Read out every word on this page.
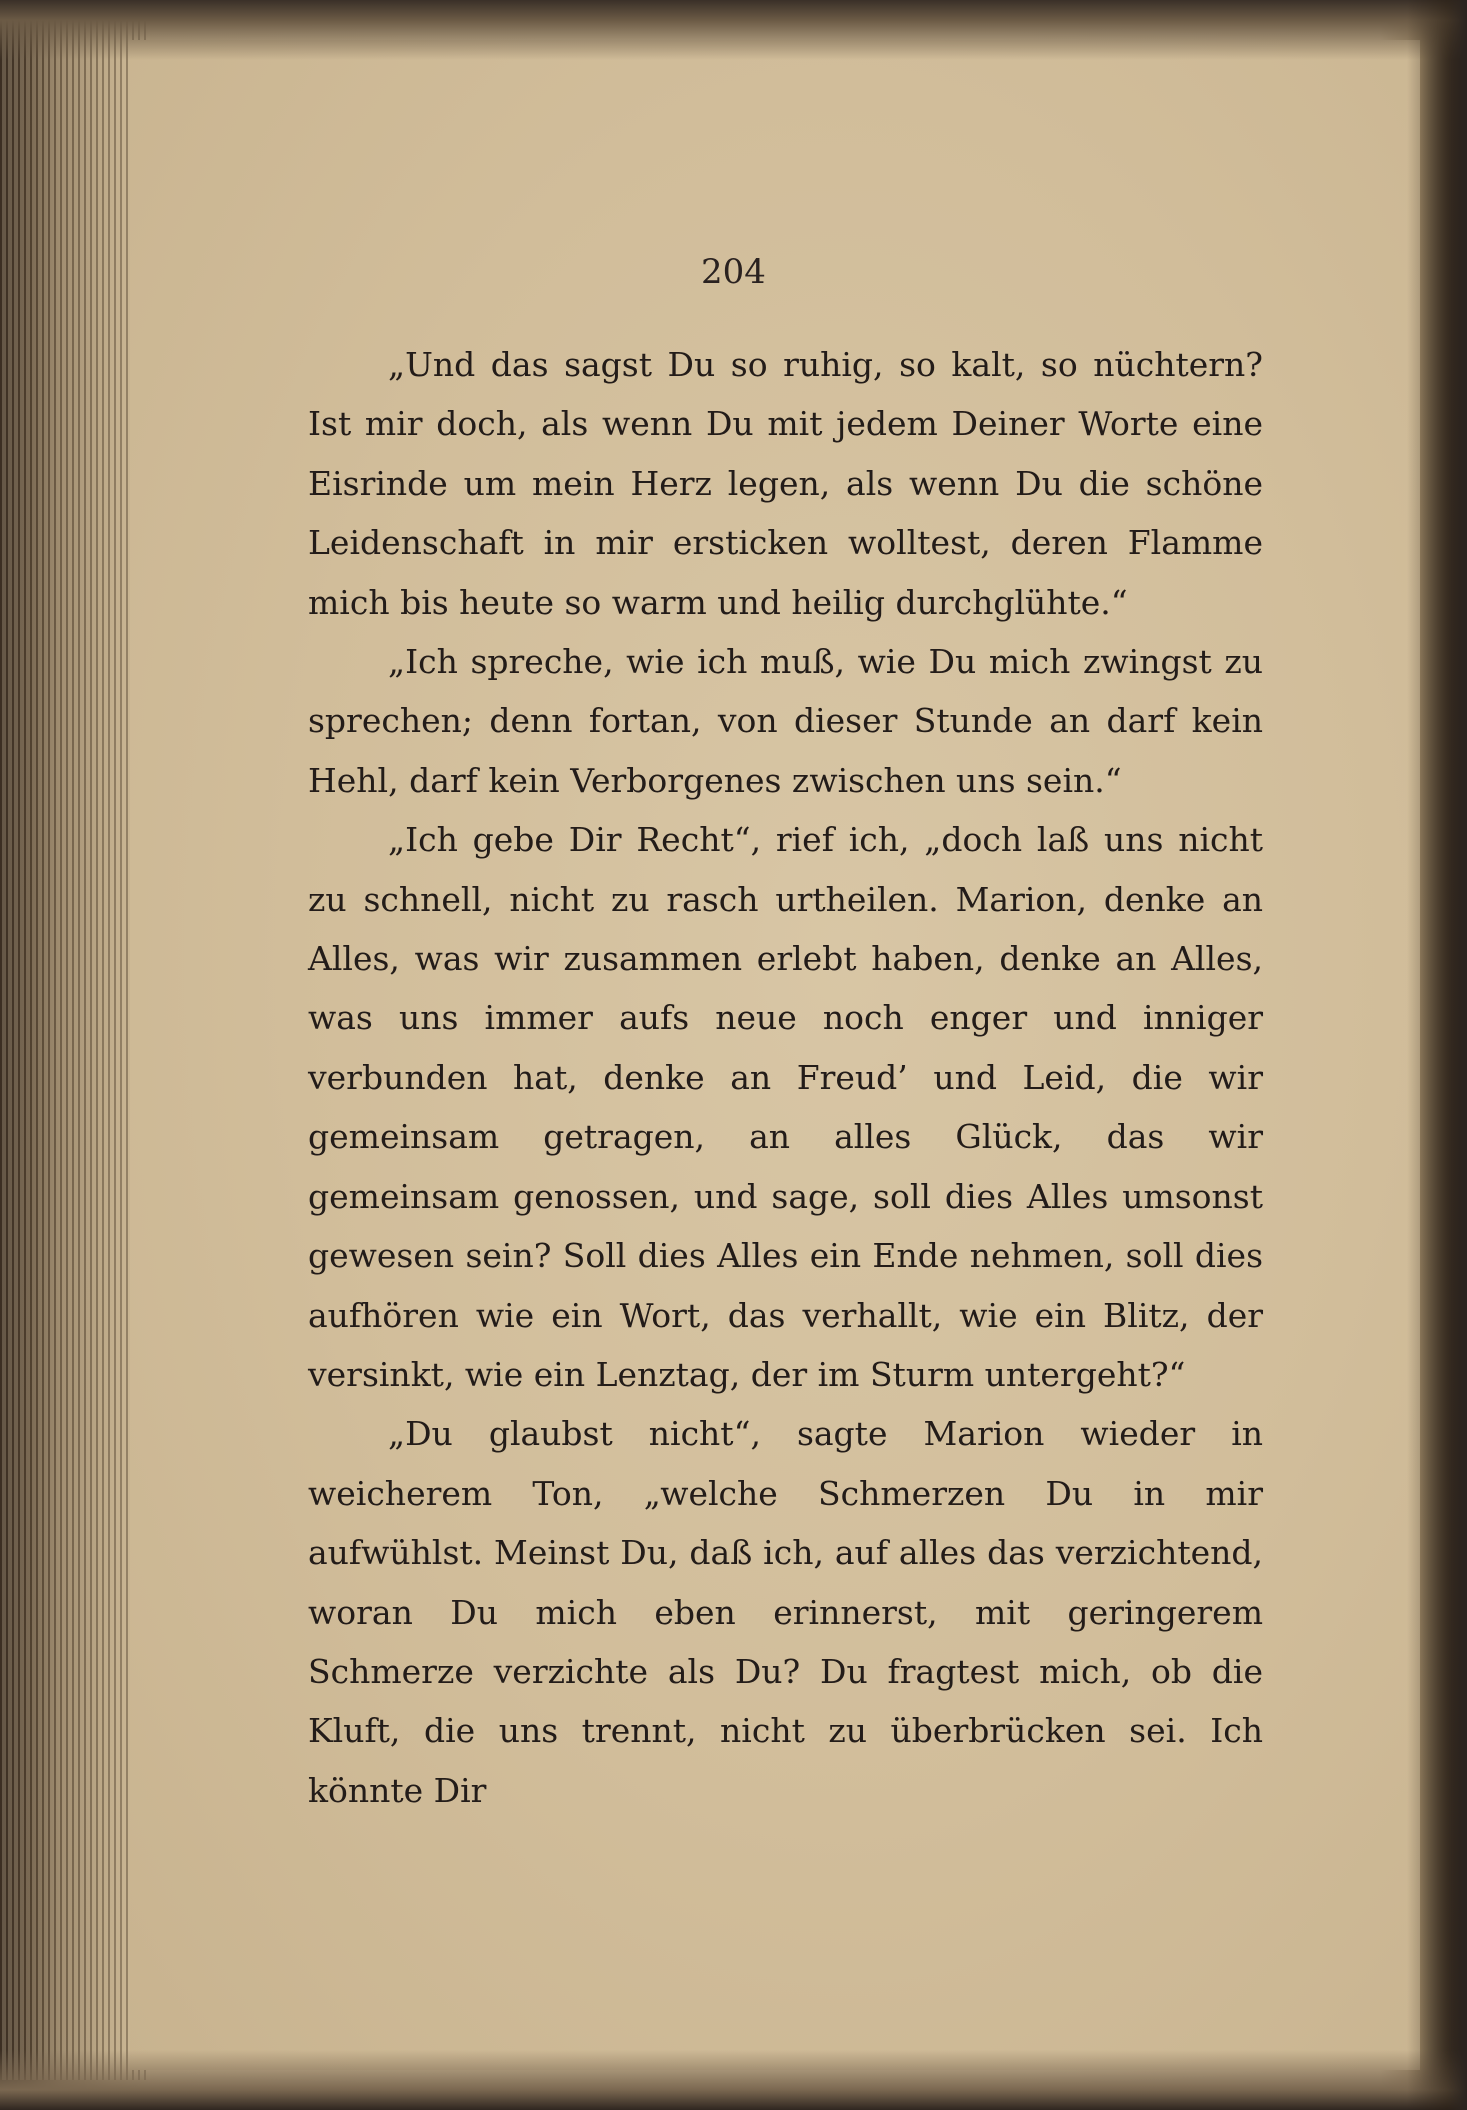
204

„Und das sagst Du so ruhig, so kalt, so nüchtern? Ist mir doch, als wenn Du mit jedem Deiner Worte eine Eisrinde um mein Herz legen, als wenn Du die schöne Leidenschaft in mir ersticken wolltest, deren Flamme mich bis heute so warm und heilig durchglühte.“

„Ich spreche, wie ich muß, wie Du mich zwingst zu sprechen; denn fortan, von dieser Stunde an darf kein Hehl, darf kein Verborgenes zwischen uns sein.“

„Ich gebe Dir Recht“, rief ich, „doch laß uns nicht zu schnell, nicht zu rasch urtheilen. Marion, denke an Alles, was wir zusammen erlebt haben, denke an Alles, was uns immer aufs neue noch enger und inniger verbunden hat, denke an Freud’ und Leid, die wir gemeinsam getragen, an alles Glück, das wir gemeinsam genossen, und sage, soll dies Alles umsonst gewesen sein? Soll dies Alles ein Ende nehmen, soll dies aufhören wie ein Wort, das verhallt, wie ein Blitz, der versinkt, wie ein Lenztag, der im Sturm untergeht?“

„Du glaubst nicht“, sagte Marion wieder in weicherem Ton, „welche Schmerzen Du in mir aufwühlst. Meinst Du, daß ich, auf alles das verzichtend, woran Du mich eben erinnerst, mit geringerem Schmerze verzichte als Du? Du fragtest mich, ob die Kluft, die uns trennt, nicht zu überbrücken sei. Ich könnte Dir
